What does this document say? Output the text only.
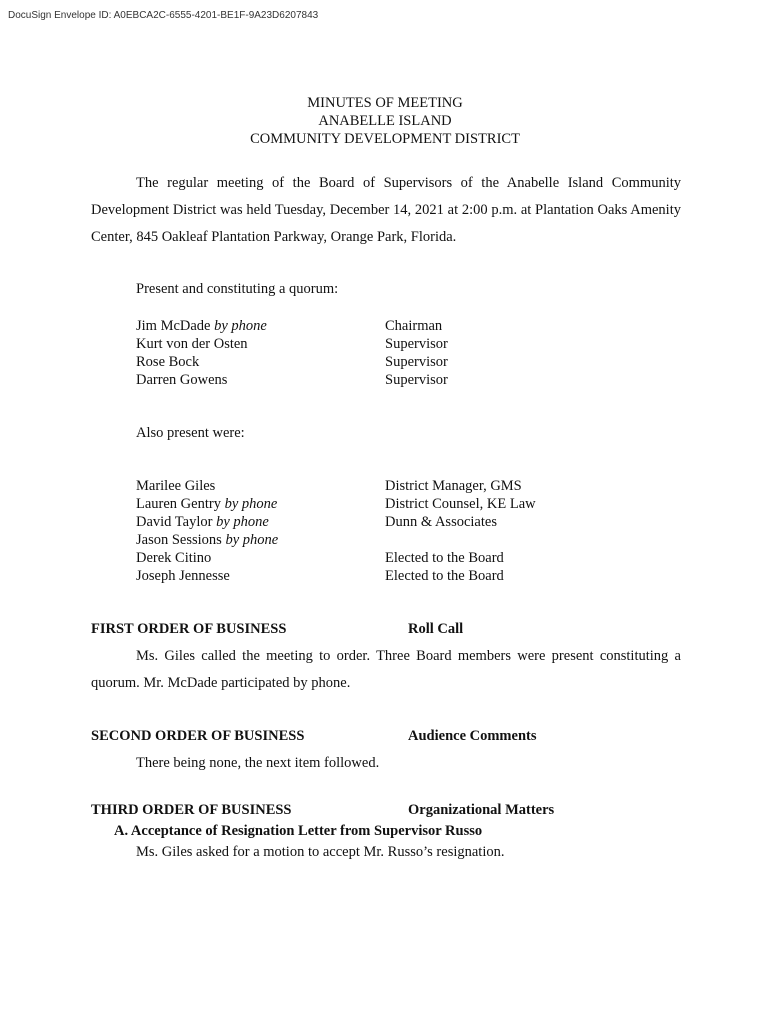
DocuSign Envelope ID: A0EBCA2C-6555-4201-BE1F-9A23D6207843
MINUTES OF MEETING
ANABELLE ISLAND
COMMUNITY DEVELOPMENT DISTRICT
The regular meeting of the Board of Supervisors of the Anabelle Island Community Development District was held Tuesday, December 14, 2021 at 2:00 p.m. at Plantation Oaks Amenity Center, 845 Oakleaf Plantation Parkway, Orange Park, Florida.
Present and constituting a quorum:
Jim McDade by phone	Chairman
Kurt von der Osten	Supervisor
Rose Bock	Supervisor
Darren Gowens	Supervisor
Also present were:
Marilee Giles	District Manager, GMS
Lauren Gentry by phone	District Counsel, KE Law
David Taylor by phone	Dunn & Associates
Jason Sessions by phone
Derek Citino	Elected to the Board
Joseph Jennesse	Elected to the Board
FIRST ORDER OF BUSINESS	Roll Call
Ms. Giles called the meeting to order. Three Board members were present constituting a quorum. Mr. McDade participated by phone.
SECOND ORDER OF BUSINESS	Audience Comments
There being none, the next item followed.
THIRD ORDER OF BUSINESS	Organizational Matters
A. Acceptance of Resignation Letter from Supervisor Russo
Ms. Giles asked for a motion to accept Mr. Russo’s resignation.
